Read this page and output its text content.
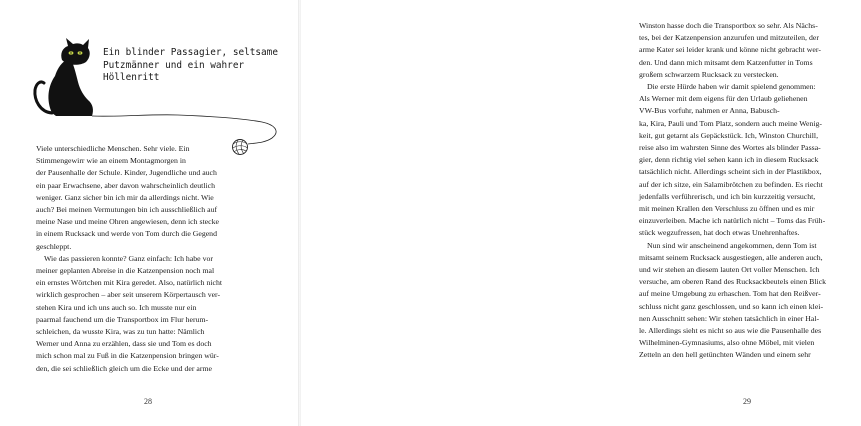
Ein blinder Passagier, seltsame
Putzmänner und ein wahrer
Höllenritt
Viele unterschiedliche Menschen. Sehr viele. Ein
Stimmengewirr wie an einem Montagmorgen in
der Pausenhalle der Schule. Kinder, Jugendliche und auch
ein paar Erwachsene, aber davon wahrscheinlich deutlich
weniger. Ganz sicher bin ich mir da allerdings nicht. Wie
auch? Bei meinen Vermutungen bin ich ausschließlich auf
meine Nase und meine Ohren angewiesen, denn ich stecke
in einem Rucksack und werde von Tom durch die Gegend
geschleppt.
Wie das passieren konnte? Ganz einfach: Ich habe vor
meiner geplanten Abreise in die Katzenpension noch mal
ein ernstes Wörtchen mit Kira geredet. Also, natürlich nicht
wirklich gesprochen – aber seit unserem Körpertausch ver-
stehen Kira und ich uns auch so. Ich musste nur ein
paarmal fauchend um die Transportbox im Flur herum-
schleichen, da wusste Kira, was zu tun hatte: Nämlich
Werner und Anna zu erzählen, dass sie und Tom es doch
mich schon mal zu Fuß in die Katzenpension bringen wür-
den, die sei schließlich gleich um die Ecke und der arme
28
Winston hasse doch die Transportbox so sehr. Als Nächs-
tes, bei der Katzenpension anzurufen und mitzuteilen, der
arme Kater sei leider krank und könne nicht gebracht wer-
den. Und dann mich mitsamt dem Katzenfutter in Toms
großem schwarzem Rucksack zu verstecken.
Die erste Hürde haben wir damit spielend genommen:
Als Werner mit dem eigens für den Urlaub geliehenen
VW-Bus vorfuhr, nahmen er Anna, Babusch-
ka, Kira, Pauli und Tom Platz, sondern auch meine Wenig-
keit, gut getarnt als Gepäckstück. Ich, Winston Churchill,
reise also im wahrsten Sinne des Wortes als blinder Passa-
gier, denn richtig viel sehen kann ich in diesem Rucksack
tatsächlich nicht. Allerdings scheint sich in der Plastikbox,
auf der ich sitze, ein Salamibrötchen zu befinden. Es riecht
jedenfalls verführerisch, und ich bin kurzzeitig versucht,
mit meinen Krallen den Verschluss zu öffnen und es mir
einzuverleiben. Mache ich natürlich nicht – Toms das Früh-
stück wegzufressen, hat doch etwas Unehrenhaftes.
Nun sind wir anscheinend angekommen, denn Tom ist
mitsamt seinem Rucksack ausgestiegen, alle anderen auch,
und wir stehen an diesem lauten Ort voller Menschen. Ich
versuche, am oberen Rand des Rucksackbeutels einen Blick
auf meine Umgebung zu erhaschen. Tom hat den Reißver-
schluss nicht ganz geschlossen, und so kann ich einen klei-
nen Ausschnitt sehen: Wir stehen tatsächlich in einer Hal-
le. Allerdings sieht es nicht so aus wie die Pausenhalle des
Wilhelminen-Gymnasiums, also ohne Möbel, mit vielen
Zetteln an den hell getünchten Wänden und einem sehr
29
